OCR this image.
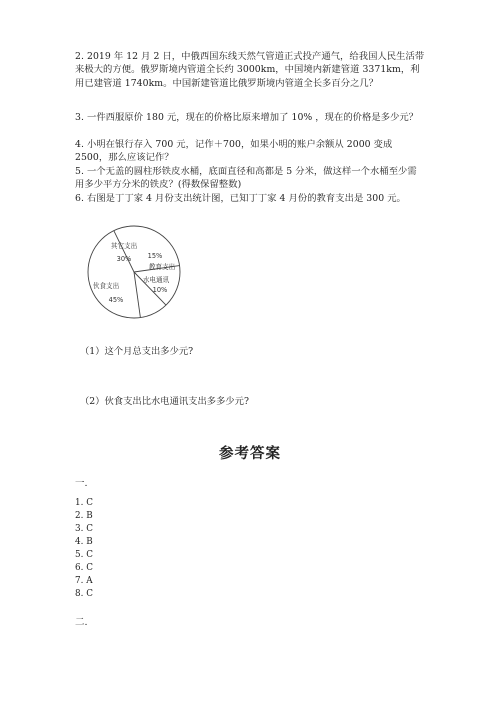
2. 2019 年 12 月 2 日，中俄西国东线天然气管道正式投产通气，给我国人民生活带来极大的方便。俄罗斯境内管道全长约 3000km，中国境内新建管道 3371km，利用已建管道 1740km。中国新建管道比俄罗斯境内管道全长多百分之几？
3. 一件西服原价 180 元，现在的价格比原来增加了 10% ，现在的价格是多少元？
4. 小明在银行存入 700 元，记作＋700，如果小明的账户余额从 2000 变成 2500，那么应该记作？
5. 一个无盖的圆柱形铁皮水桶，底面直径和高都是 5 分米，做这样一个水桶至少需用多少平方分米的铁皮？(得数保留整数)
6. 右图是丁丁家 4 月份支出统计图，已知丁丁家 4 月份的教育支出是 300 元。
其它支出
30% 15%
水电通讯
10%
伙食支出
45%
教育支出
（1）这个月总支出多少元?
（2）伙食支出比水电通讯支出多多少元?
参考答案
一.
1. C
2. B
3. C
4. B
5. C
6. C
7. A
8. C
二.
